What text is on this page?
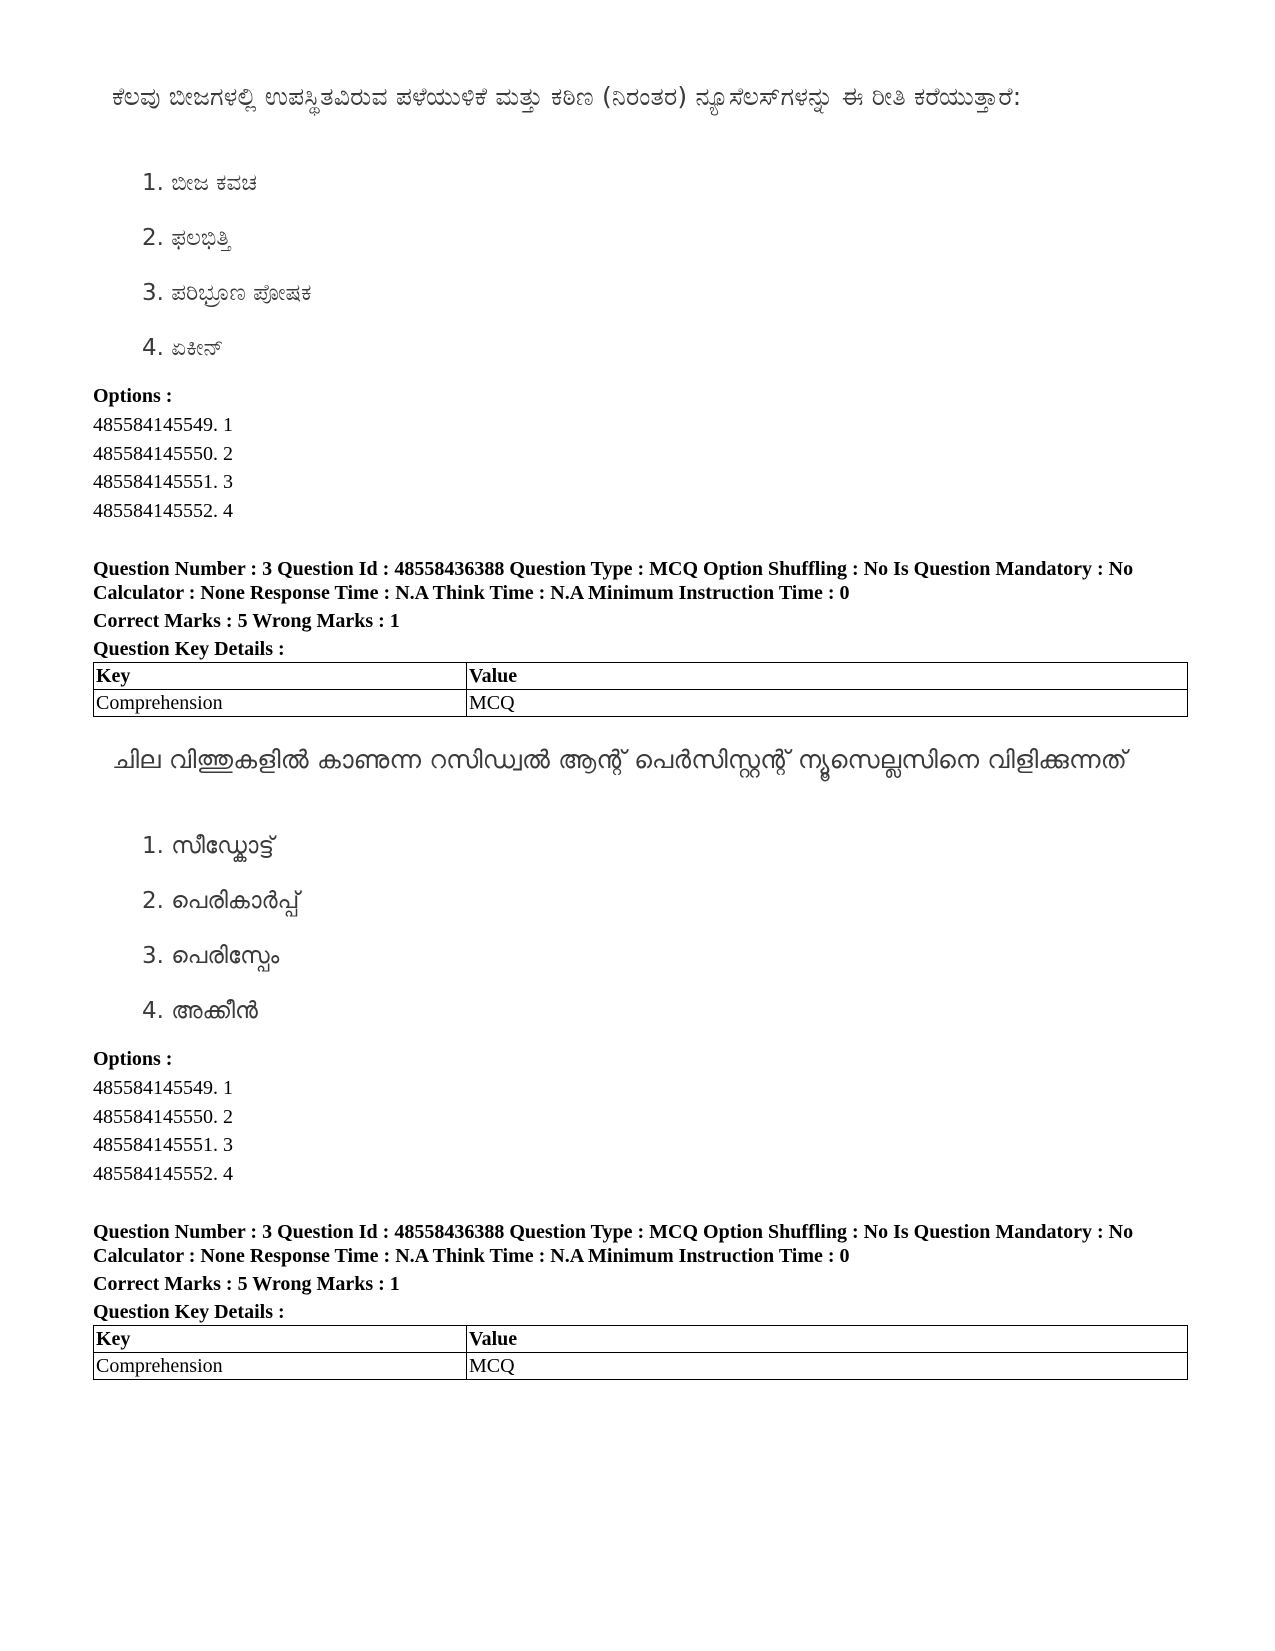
ಕೆಲವು ಬೀಜಗಳಲ್ಲಿ ಉಪಸ್ಥಿತವಿರುವ ಪಳೆಯುಳಿಕೆ ಮತ್ತು ಕಠಿಣ (ನಿರಂತರ) ನ್ಯೂಸೆಲಸ್‌ಗಳನ್ನು ಈ ರೀತಿ ಕರೆಯುತ್ತಾರೆ:

1. ಬೀಜ ಕವಚ
2. ಫಲಭಿತ್ತಿ
3. ಪರಿಭ್ರೂಣ ಪೋಷಕ
4. ಏಕೀನ್
Options :
485584145549. 1
485584145550. 2
485584145551. 3
485584145552. 4
Question Number : 3 Question Id : 48558436388 Question Type : MCQ Option Shuffling : No Is Question Mandatory : No
Calculator : None Response Time : N.A Think Time : N.A Minimum Instruction Time : 0
Correct Marks : 5 Wrong Marks : 1
Question Key Details :
Key	Value
Comprehension	MCQ

ചില വിത്തുകളിൽ കാണുന്ന റസിഡ്വൽ ആന്റ് പെർസിസ്റ്റന്റ് ന്യൂസെല്ലസിനെ വിളിക്കുന്നത്

1. സീഡ്കോട്ട്
2. പെരികാർപ്പ്
3. പെരിസ്പേം
4. അക്കീൻ
Options :
485584145549. 1
485584145550. 2
485584145551. 3
485584145552. 4
Question Number : 3 Question Id : 48558436388 Question Type : MCQ Option Shuffling : No Is Question Mandatory : No
Calculator : None Response Time : N.A Think Time : N.A Minimum Instruction Time : 0
Correct Marks : 5 Wrong Marks : 1
Question Key Details :
Key	Value
Comprehension	MCQ
